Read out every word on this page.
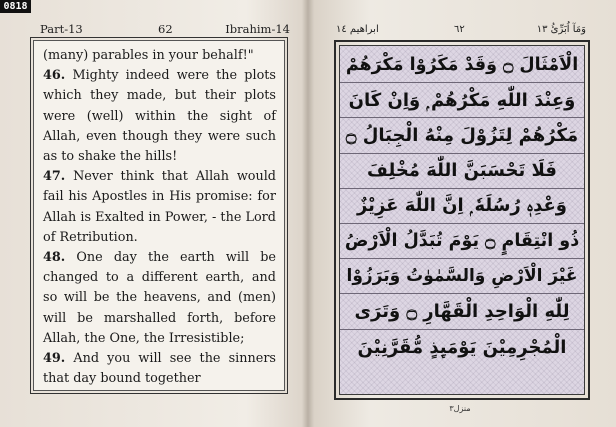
0818
Part-13	62	Ibrahim-14

(many) parables in your behalf!"

46. Mighty indeed were the plots which they made, but their plots were (well) within the sight of Allah, even though they were such as to shake the hills!

47. Never think that Allah would fail his Apostles in His promise: for Allah is Exalted in Power, - the Lord of Retribution.

48. One day the earth will be changed to a different earth, and so will be the heavens, and (men) will be marshalled forth, before Allah, the One, the Irresistible;

49. And you will see the sinners that day bound together

وَمَآ اُبَرِّئُ ١٣
٦٢
ابراهيم ١٤
الْاَمْثَالَ ۝ وَقَدْ مَكَرُوْا مَكْرَهُمْ
وَعِنْدَ اللّٰهِ مَكْرُهُمْ ۭ وَاِنْ كَانَ
مَكْرُهُمْ لِتَزُوْلَ مِنْهُ الْجِبَالُ ۝
فَلَا تَحْسَبَنَّ اللّٰهَ مُخْلِفَ
وَعْدِهٖ رُسُلَهٗ ۭ اِنَّ اللّٰهَ عَزِيْزٌ
ذُو انْتِقَامٍ ۝ يَوْمَ تُبَدَّلُ الْاَرْضُ
غَيْرَ الْاَرْضِ وَالسَّمٰوٰتُ وَبَرَزُوْا
لِلّٰهِ الْوَاحِدِ الْقَهَّارِ ۝ وَتَرَى
الْمُجْرِمِيْنَ يَوْمَىِٕذٍ مُّقَرَّنِيْنَ
منزل٣
